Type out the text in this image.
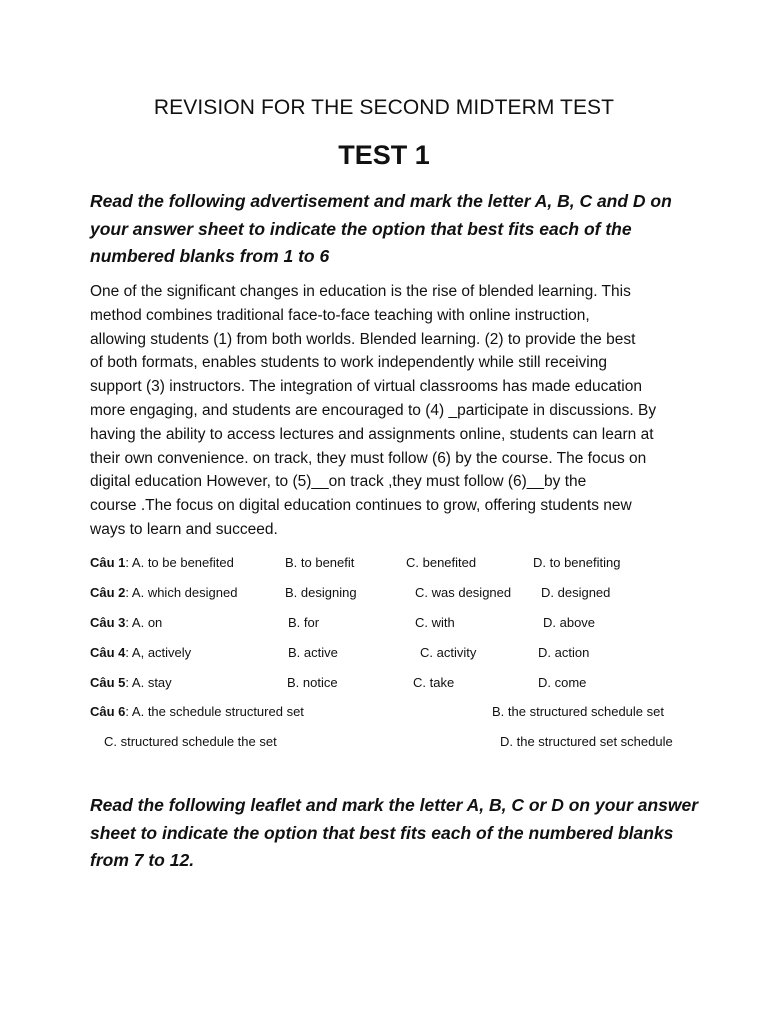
REVISION FOR THE SECOND MIDTERM TEST
TEST 1
Read the following advertisement and mark the letter A, B, C and D on your answer sheet to indicate the option that best fits each of the numbered blanks from 1 to 6
One of the significant changes in education is the rise of blended learning. This
method combines traditional face-to-face teaching with online instruction,
allowing students (1) from both worlds. Blended learning. (2) to provide the best
of both formats, enables students to work independently while still receiving
support (3) instructors. The integration of virtual classrooms has made education
more engaging, and students are encouraged to (4) _participate in discussions. By
having the ability to access lectures and assignments online, students can learn at
their own convenience. on track, they must follow (6) by the course. The focus on
digital education However, to (5)__on track ,they must follow (6)__by the
course .The focus on digital education continues to grow, offering students new
ways to learn and succeed.
Câu 1: A. to be benefited	B. to benefit	C. benefited	D. to benefiting
Câu 2: A. which designed	B. designing	C. was designed D. designed
Câu 3: A. on	B. for	C. with	D. above
Câu 4: A, actively	B. active	C. activity	D. action
Câu 5: A. stay	B. notice	C. take	D. come
Câu 6: A. the schedule structured set	B. the structured schedule set
C. structured schedule the set	D. the structured set schedule
Read the following leaflet and mark the letter A, B, C or D on your answer sheet to indicate the option that best fits each of the numbered blanks from 7 to 12.
